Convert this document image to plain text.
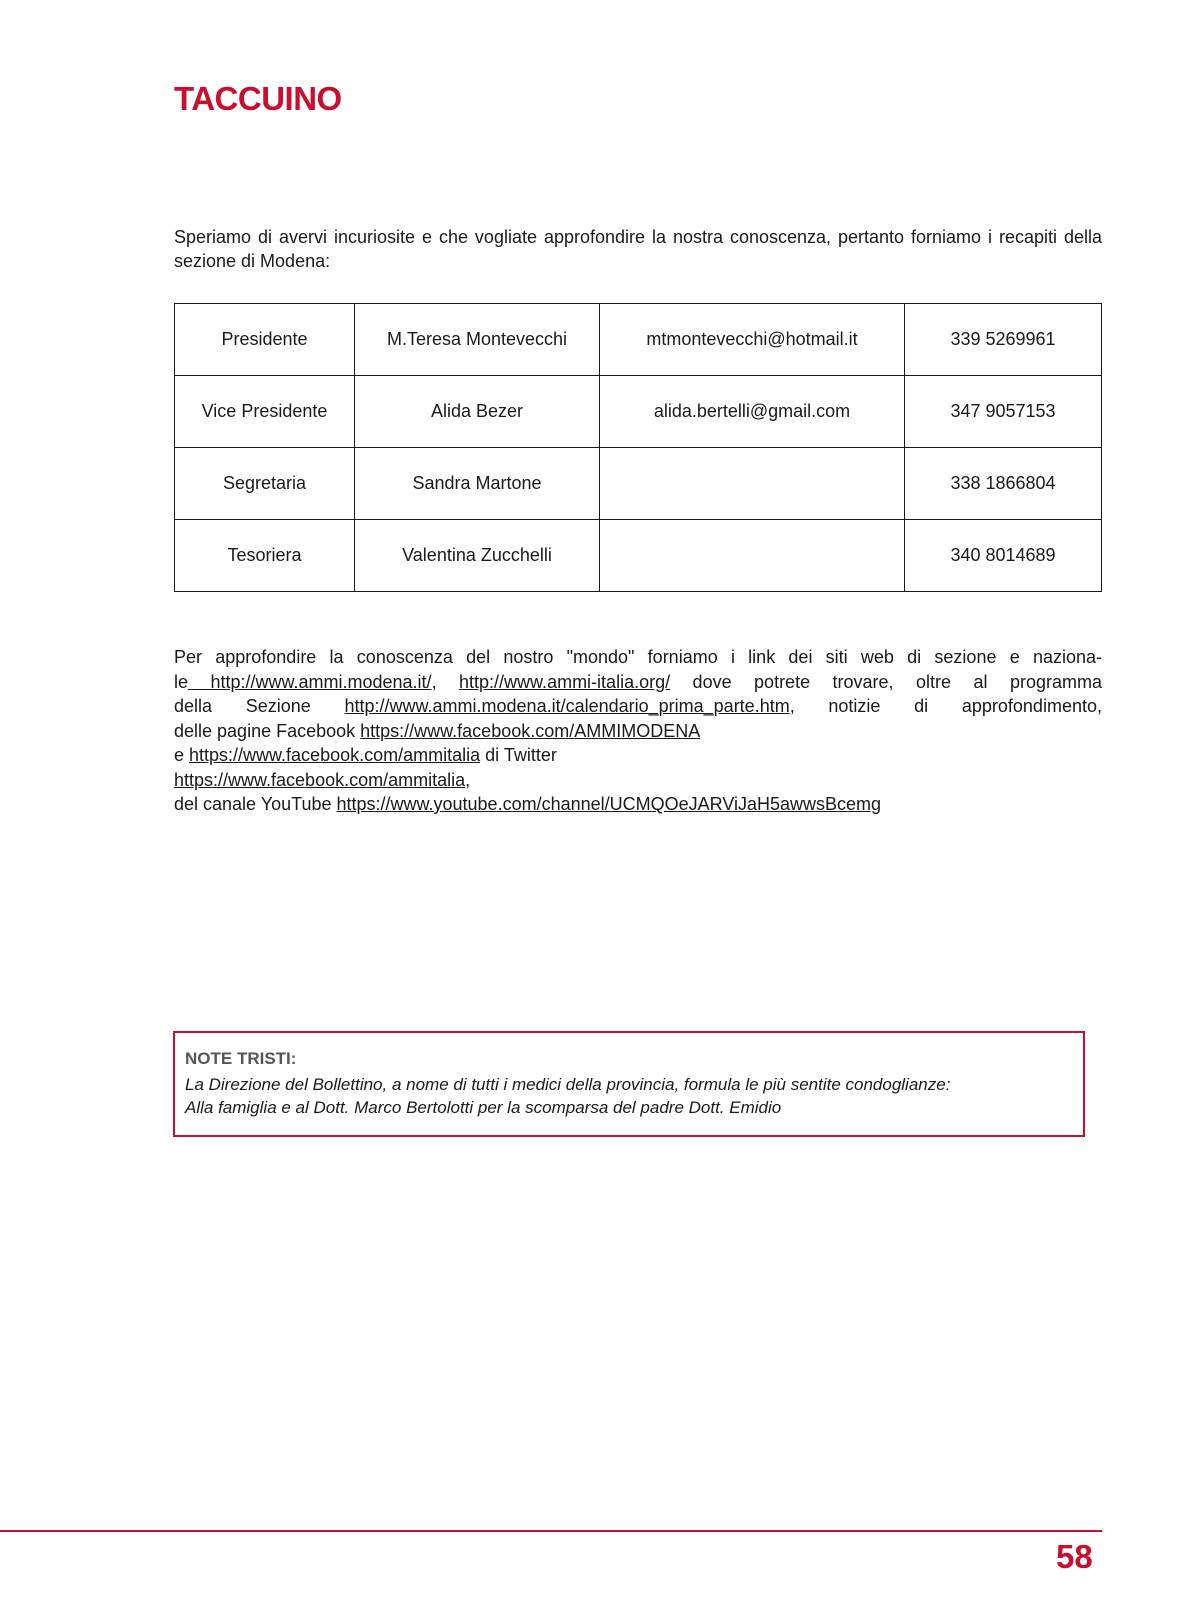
TACCUINO
Speriamo di avervi incuriosite e che vogliate approfondire la nostra conoscenza, pertanto forniamo i recapiti della sezione di Modena:
Presidente	M.Teresa Montevecchi	mtmontevecchi@hotmail.it	339 5269961
Vice Presidente	Alida Bezer	alida.bertelli@gmail.com	347 9057153
Segretaria	Sandra Martone		338 1866804
Tesoriera	Valentina Zucchelli		340 8014689
Per approfondire la conoscenza del nostro "mondo" forniamo i link dei siti web di sezione e naziona-
le http://www.ammi.modena.it/, http://www.ammi-italia.org/ dove potrete trovare, oltre al programma
della Sezione http://www.ammi.modena.it/calendario_prima_parte.htm, notizie di approfondimento,
delle pagine Facebook https://www.facebook.com/AMMIMODENA
e https://www.facebook.com/ammitalia di Twitter
https://www.facebook.com/ammitalia,
del canale YouTube https://www.youtube.com/channel/UCMQOeJARViJaH5awwsBcemg
NOTE TRISTI:
La Direzione del Bollettino, a nome di tutti i medici della provincia, formula le più sentite condoglianze:
Alla famiglia e al Dott. Marco Bertolotti per la scomparsa del padre Dott. Emidio
58
